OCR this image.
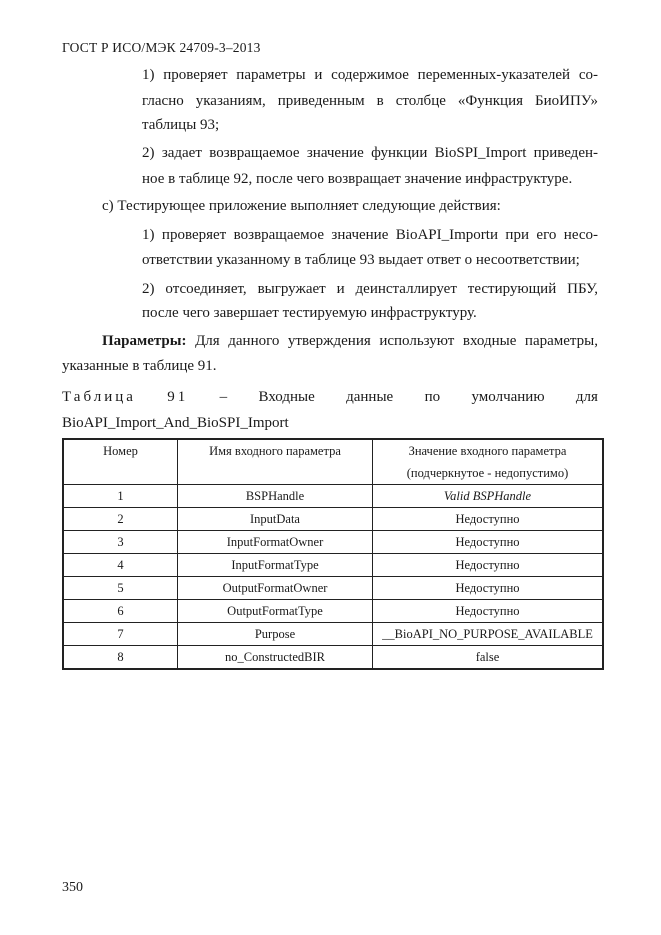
ГОСТ Р ИСО/МЭК 24709-3–2013
1) проверяет параметры и содержимое переменных-указателей со-
гласно указаниям, приведенным в столбце «Функция БиоИПУ»
таблицы 93;
2) задает возвращаемое значение функции BioSPI_Import приведен-
ное в таблице 92, после чего возвращает значение инфраструктуре.
с) Тестирующее приложение выполняет следующие действия:
1) проверяет возвращаемое значение BioAPI_Importи при его несо-
ответствии указанному в таблице 93 выдает ответ о несоответствии;
2) отсоединяет, выгружает и деинсталлирует тестирующий ПБУ,
после чего завершает тестируемую инфраструктуру.
Параметры: Для данного утверждения используют входные параметры,
указанные в таблице 91.
Таблица 91 – Входные данные по умолчанию для
BioAPI_Import_And_BioSPI_Import
Номер	Имя входного параметра	Значение входного параметра
(подчеркнутое - недопустимо)

1	BSPHandle	Valid BSPHandle
2	InputData	Недоступно
3	InputFormatOwner	Недоступно
4	InputFormatType	Недоступно
5	OutputFormatOwner	Недоступно
6	OutputFormatType	Недоступно
7	Purpose	__BioAPI_NO_PURPOSE_AVAILABLE
8	no_ConstructedBIR	false
350
